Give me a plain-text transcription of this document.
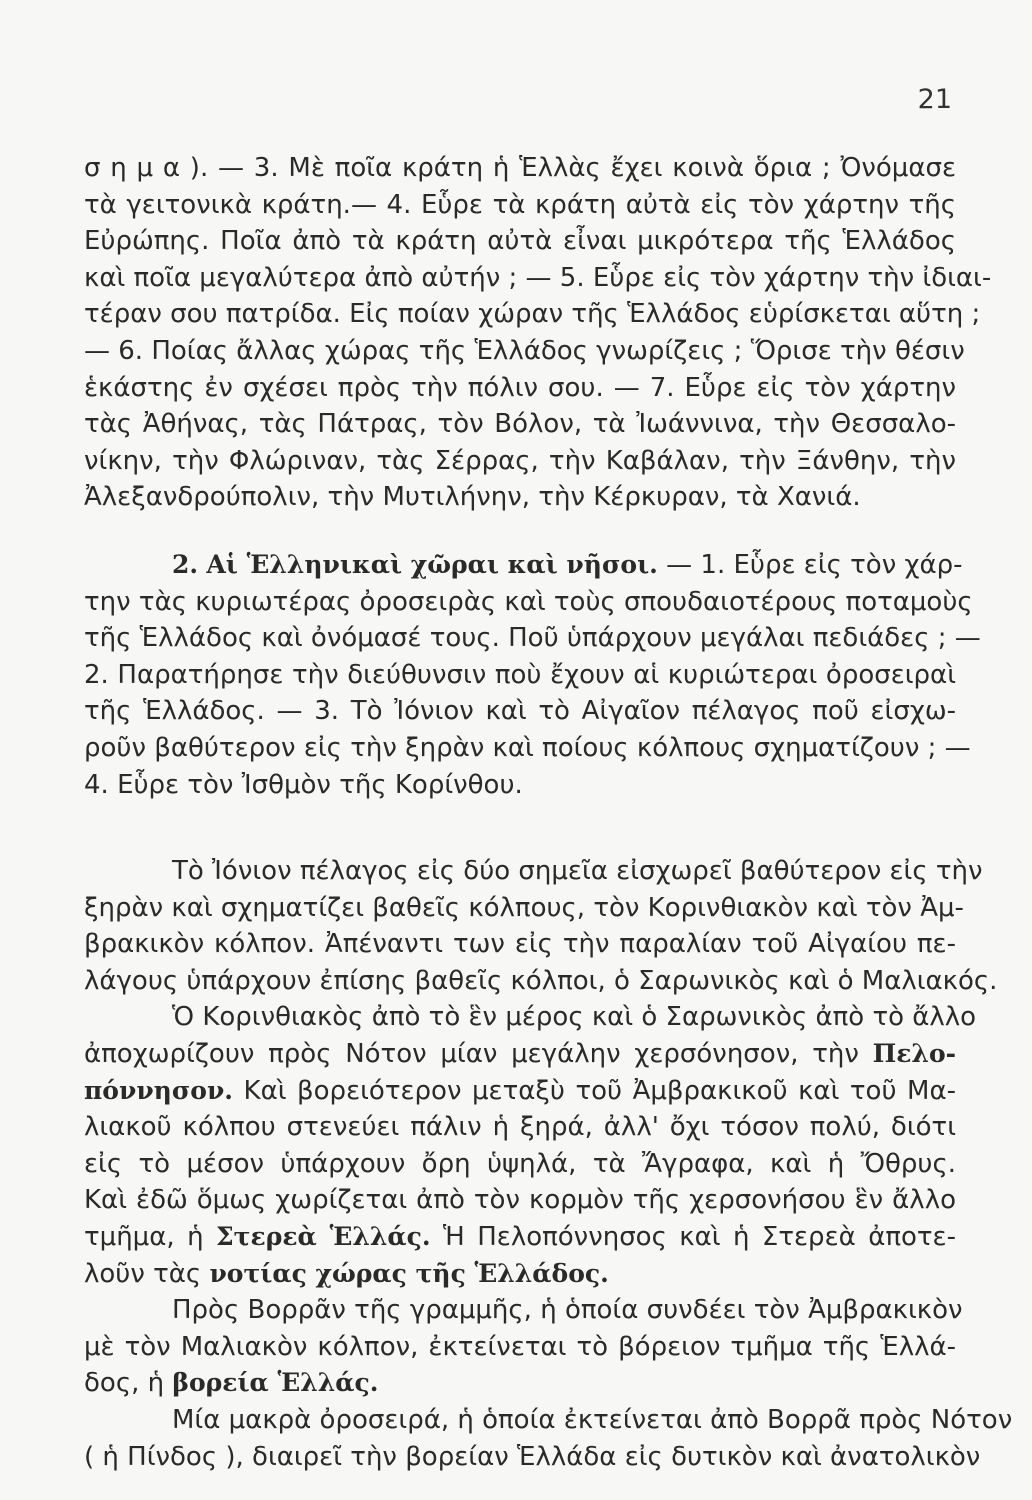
21
σ η μ α ). — 3. Μὲ ποῖα κράτη ἡ Ἑλλὰς ἔχει κοινὰ ὅρια ; Ὀνόμασε
τὰ γειτονικὰ κράτη.— 4. Εὗρε τὰ κράτη αὐτὰ εἰς τὸν χάρτην τῆς
Εὐρώπης. Ποῖα ἀπὸ τὰ κράτη αὐτὰ εἶναι μικρότερα τῆς Ἑλλάδος
καὶ ποῖα μεγαλύτερα ἀπὸ αὐτήν ; — 5. Εὗρε εἰς τὸν χάρτην τὴν ἰδιαι-
τέραν σου πατρίδα. Εἰς ποίαν χώραν τῆς Ἑλλάδος εὑρίσκεται αὕτη ;
— 6. Ποίας ἄλλας χώρας τῆς Ἑλλάδος γνωρίζεις ; Ὅρισε τὴν θέσιν
ἑκάστης ἐν σχέσει πρὸς τὴν πόλιν σου. — 7. Εὗρε εἰς τὸν χάρτην
τὰς Ἀθήνας, τὰς Πάτρας, τὸν Βόλον, τὰ Ἰωάννινα, τὴν Θεσσαλο-
νίκην, τὴν Φλώριναν, τὰς Σέρρας, τὴν Καβάλαν, τὴν Ξάνθην, τὴν
Ἀλεξανδρούπολιν, τὴν Μυτιλήνην, τὴν Κέρκυραν, τὰ Χανιά.
2. Αἱ Ἑλληνικαὶ χῶραι καὶ νῆσοι. — 1. Εὗρε εἰς τὸν χάρ-
την τὰς κυριωτέρας ὀροσειρὰς καὶ τοὺς σπουδαιοτέρους ποταμοὺς
τῆς Ἑλλάδος καὶ ὀνόμασέ τους. Ποῦ ὑπάρχουν μεγάλαι πεδιάδες ; —
2. Παρατήρησε τὴν διεύθυνσιν ποὺ ἔχουν αἱ κυριώτεραι ὀροσειραὶ
τῆς Ἑλλάδος. — 3. Τὸ Ἰόνιον καὶ τὸ Αἰγαῖον πέλαγος ποῦ εἰσχω-
ροῦν βαθύτερον εἰς τὴν ξηρὰν καὶ ποίους κόλπους σχηματίζουν ; —
4. Εὗρε τὸν Ἰσθμὸν τῆς Κορίνθου.
Τὸ Ἰόνιον πέλαγος εἰς δύο σημεῖα εἰσχωρεῖ βαθύτερον εἰς τὴν
ξηρὰν καὶ σχηματίζει βαθεῖς κόλπους, τὸν Κορινθιακὸν καὶ τὸν Ἀμ-
βρακικὸν κόλπον. Ἀπέναντι των εἰς τὴν παραλίαν τοῦ Αἰγαίου πε-
λάγους ὑπάρχουν ἐπίσης βαθεῖς κόλποι, ὁ Σαρωνικὸς καὶ ὁ Μαλιακός.
Ὁ Κορινθιακὸς ἀπὸ τὸ ἓν μέρος καὶ ὁ Σαρωνικὸς ἀπὸ τὸ ἄλλο
ἀποχωρίζουν πρὸς Νότον μίαν μεγάλην χερσόνησον, τὴν Πελο-
πόννησον. Καὶ βορειότερον μεταξὺ τοῦ Ἀμβρακικοῦ καὶ τοῦ Μα-
λιακοῦ κόλπου στενεύει πάλιν ἡ ξηρά, ἀλλ' ὄχι τόσον πολύ, διότι
εἰς τὸ μέσον ὑπάρχουν ὄρη ὑψηλά, τὰ Ἄγραφα, καὶ ἡ Ὄθρυς.
Καὶ ἐδῶ ὅμως χωρίζεται ἀπὸ τὸν κορμὸν τῆς χερσονήσου ἓν ἄλλο
τμῆμα, ἡ Στερεὰ Ἑλλάς. Ἡ Πελοπόννησος καὶ ἡ Στερεὰ ἀποτε-
λοῦν τὰς νοτίας χώρας τῆς Ἑλλάδος.
Πρὸς Βορρᾶν τῆς γραμμῆς, ἡ ὁποία συνδέει τὸν Ἀμβρακικὸν
μὲ τὸν Μαλιακὸν κόλπον, ἐκτείνεται τὸ βόρειον τμῆμα τῆς Ἑλλά-
δος, ἡ βορεία Ἑλλάς.
Μία μακρὰ ὀροσειρά, ἡ ὁποία ἐκτείνεται ἀπὸ Βορρᾶ πρὸς Νότον
( ἡ Πίνδος ), διαιρεῖ τὴν βορείαν Ἑλλάδα εἰς δυτικὸν καὶ ἀνατολικὸν
